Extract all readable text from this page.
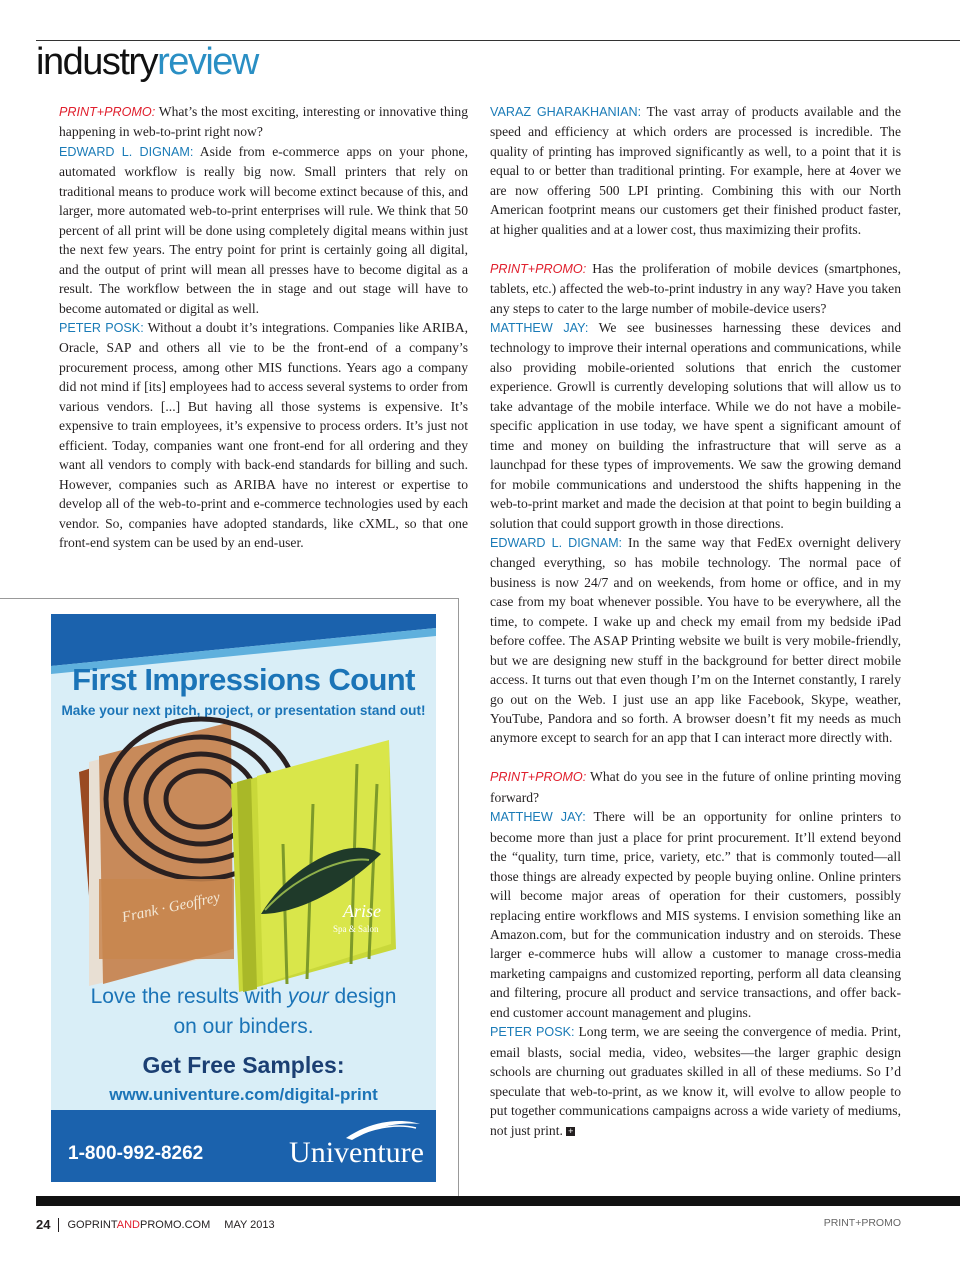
industryreview

PRINT+PROMO: What’s the most exciting, interesting or innovative thing happening in web-to-print right now?

EDWARD L. DIGNAM: Aside from e-commerce apps on your phone, automated workflow is really big now. Small printers that rely on traditional means to produce work will become extinct because of this, and larger, more automated web-to-print enterprises will rule. We think that 50 percent of all print will be done using completely digital means within just the next few years. The entry point for print is certainly going all digital, and the output of print will mean all presses have to become digital as a result. The workflow between the in stage and out stage will have to become automated or digital as well.

PETER POSK: Without a doubt it’s integrations. Companies like ARIBA, Oracle, SAP and others all vie to be the front-end of a company’s procurement process, among other MIS functions. Years ago a company did not mind if [its] employees had to access several systems to order from various vendors. [...] But having all those systems is expensive. It’s expensive to train employees, it’s expensive to process orders. It’s just not efficient. Today, companies want one front-end for all ordering and they want all vendors to comply with back-end standards for billing and such. However, companies such as ARIBA have no interest or expertise to develop all of the web-to-print and e-commerce technologies used by each vendor. So, companies have adopted standards, like cXML, so that one front-end system can be used by an end-user.

VARAZ GHARAKHANIAN: The vast array of products available and the speed and efficiency at which orders are processed is incredible. The quality of printing has improved significantly as well, to a point that it is equal to or better than traditional printing. For example, here at 4over we are now offering 500 LPI printing. Combining this with our North American footprint means our customers get their finished product faster, at higher qualities and at a lower cost, thus maximizing their profits.

PRINT+PROMO: Has the proliferation of mobile devices (smartphones, tablets, etc.) affected the web-to-print industry in any way? Have you taken any steps to cater to the large number of mobile-device users?

MATTHEW JAY: We see businesses harnessing these devices and technology to improve their internal operations and communications, while also providing mobile-oriented solutions that enrich the customer experience. Growll is currently developing solutions that will allow us to take advantage of the mobile interface. While we do not have a mobile-specific application in use today, we have spent a significant amount of time and money on building the infrastructure that will serve as a launchpad for these types of improvements. We saw the growing demand for mobile communications and understood the shifts happening in the web-to-print market and made the decision at that point to begin building a solution that could support growth in those directions.

EDWARD L. DIGNAM: In the same way that FedEx overnight delivery changed everything, so has mobile technology. The normal pace of business is now 24/7 and on weekends, from home or office, and in my case from my boat whenever possible. You have to be everywhere, all the time, to compete. I wake up and check my email from my bedside iPad before coffee. The ASAP Printing website we built is very mobile-friendly, but we are designing new stuff in the background for better direct mobile access. It turns out that even though I’m on the Internet constantly, I rarely go out on the Web. I just use an app like Facebook, Skype, weather, YouTube, Pandora and so forth. A browser doesn’t fit my needs as much anymore except to search for an app that I can interact more directly with.

PRINT+PROMO: What do you see in the future of online printing moving forward?

MATTHEW JAY: There will be an opportunity for online printers to become more than just a place for print procurement. It’ll extend beyond the “quality, turn time, price, variety, etc.” that is commonly touted—all those things are already expected by people buying online. Online printers will become major areas of operation for their customers, possibly replacing entire workflows and MIS systems. I envision something like an Amazon.com, but for the communication industry and on steroids. These larger e-commerce hubs will allow a customer to manage cross-media marketing campaigns and customized reporting, perform all data cleansing and filtering, procure all product and service transactions, and offer back-end customer account management and plugins.

PETER POSK: Long term, we are seeing the convergence of media. Print, email blasts, social media, video, websites—the larger graphic design schools are churning out graduates skilled in all of these mediums. So I’d speculate that web-to-print, as we know it, will evolve to allow people to put together communications campaigns across a wide variety of mediums, not just print. +

First Impressions Count
Make your next pitch, project, or presentation stand out!
Frank · Geoffrey	Arise
Spa & Salon
Love the results with your design
on our binders.
Get Free Samples:
www.univenture.com/digital-print
1-800-992-8262	Univenture
24 GOPRINTANDPROMO.COM MAY 2013	PRINT+PROMO
